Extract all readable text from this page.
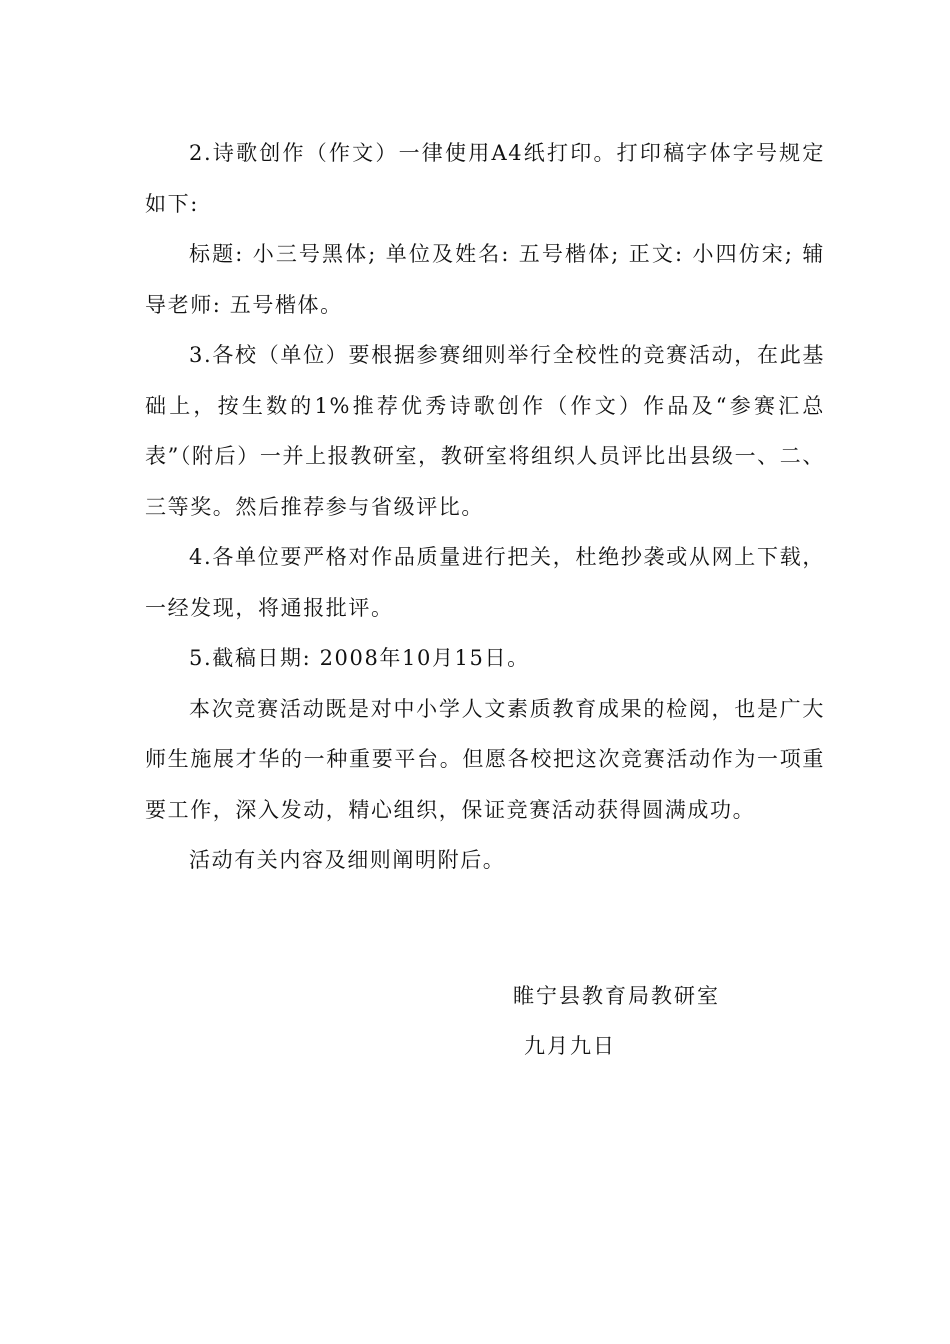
2.诗歌创作（作文）一律使用A4纸打印。打印稿字体字号规定如下:

标题: 小三号黑体; 单位及姓名: 五号楷体; 正文: 小四仿宋; 辅导老师: 五号楷体。

3.各校（单位）要根据参赛细则举行全校性的竞赛活动，在此基础上，按生数的1%推荐优秀诗歌创作（作文）作品及“参赛汇总表”（附后）一并上报教研室，教研室将组织人员评比出县级一、二、三等奖。然后推荐参与省级评比。

4.各单位要严格对作品质量进行把关，杜绝抄袭或从网上下载，一经发现，将通报批评。

5.截稿日期: 2008年10月15日。

本次竞赛活动既是对中小学人文素质教育成果的检阅，也是广大师生施展才华的一种重要平台。但愿各校把这次竞赛活动作为一项重要工作，深入发动，精心组织，保证竞赛活动获得圆满成功。

活动有关内容及细则阐明附后。

睢宁县教育局教研室
九月九日
